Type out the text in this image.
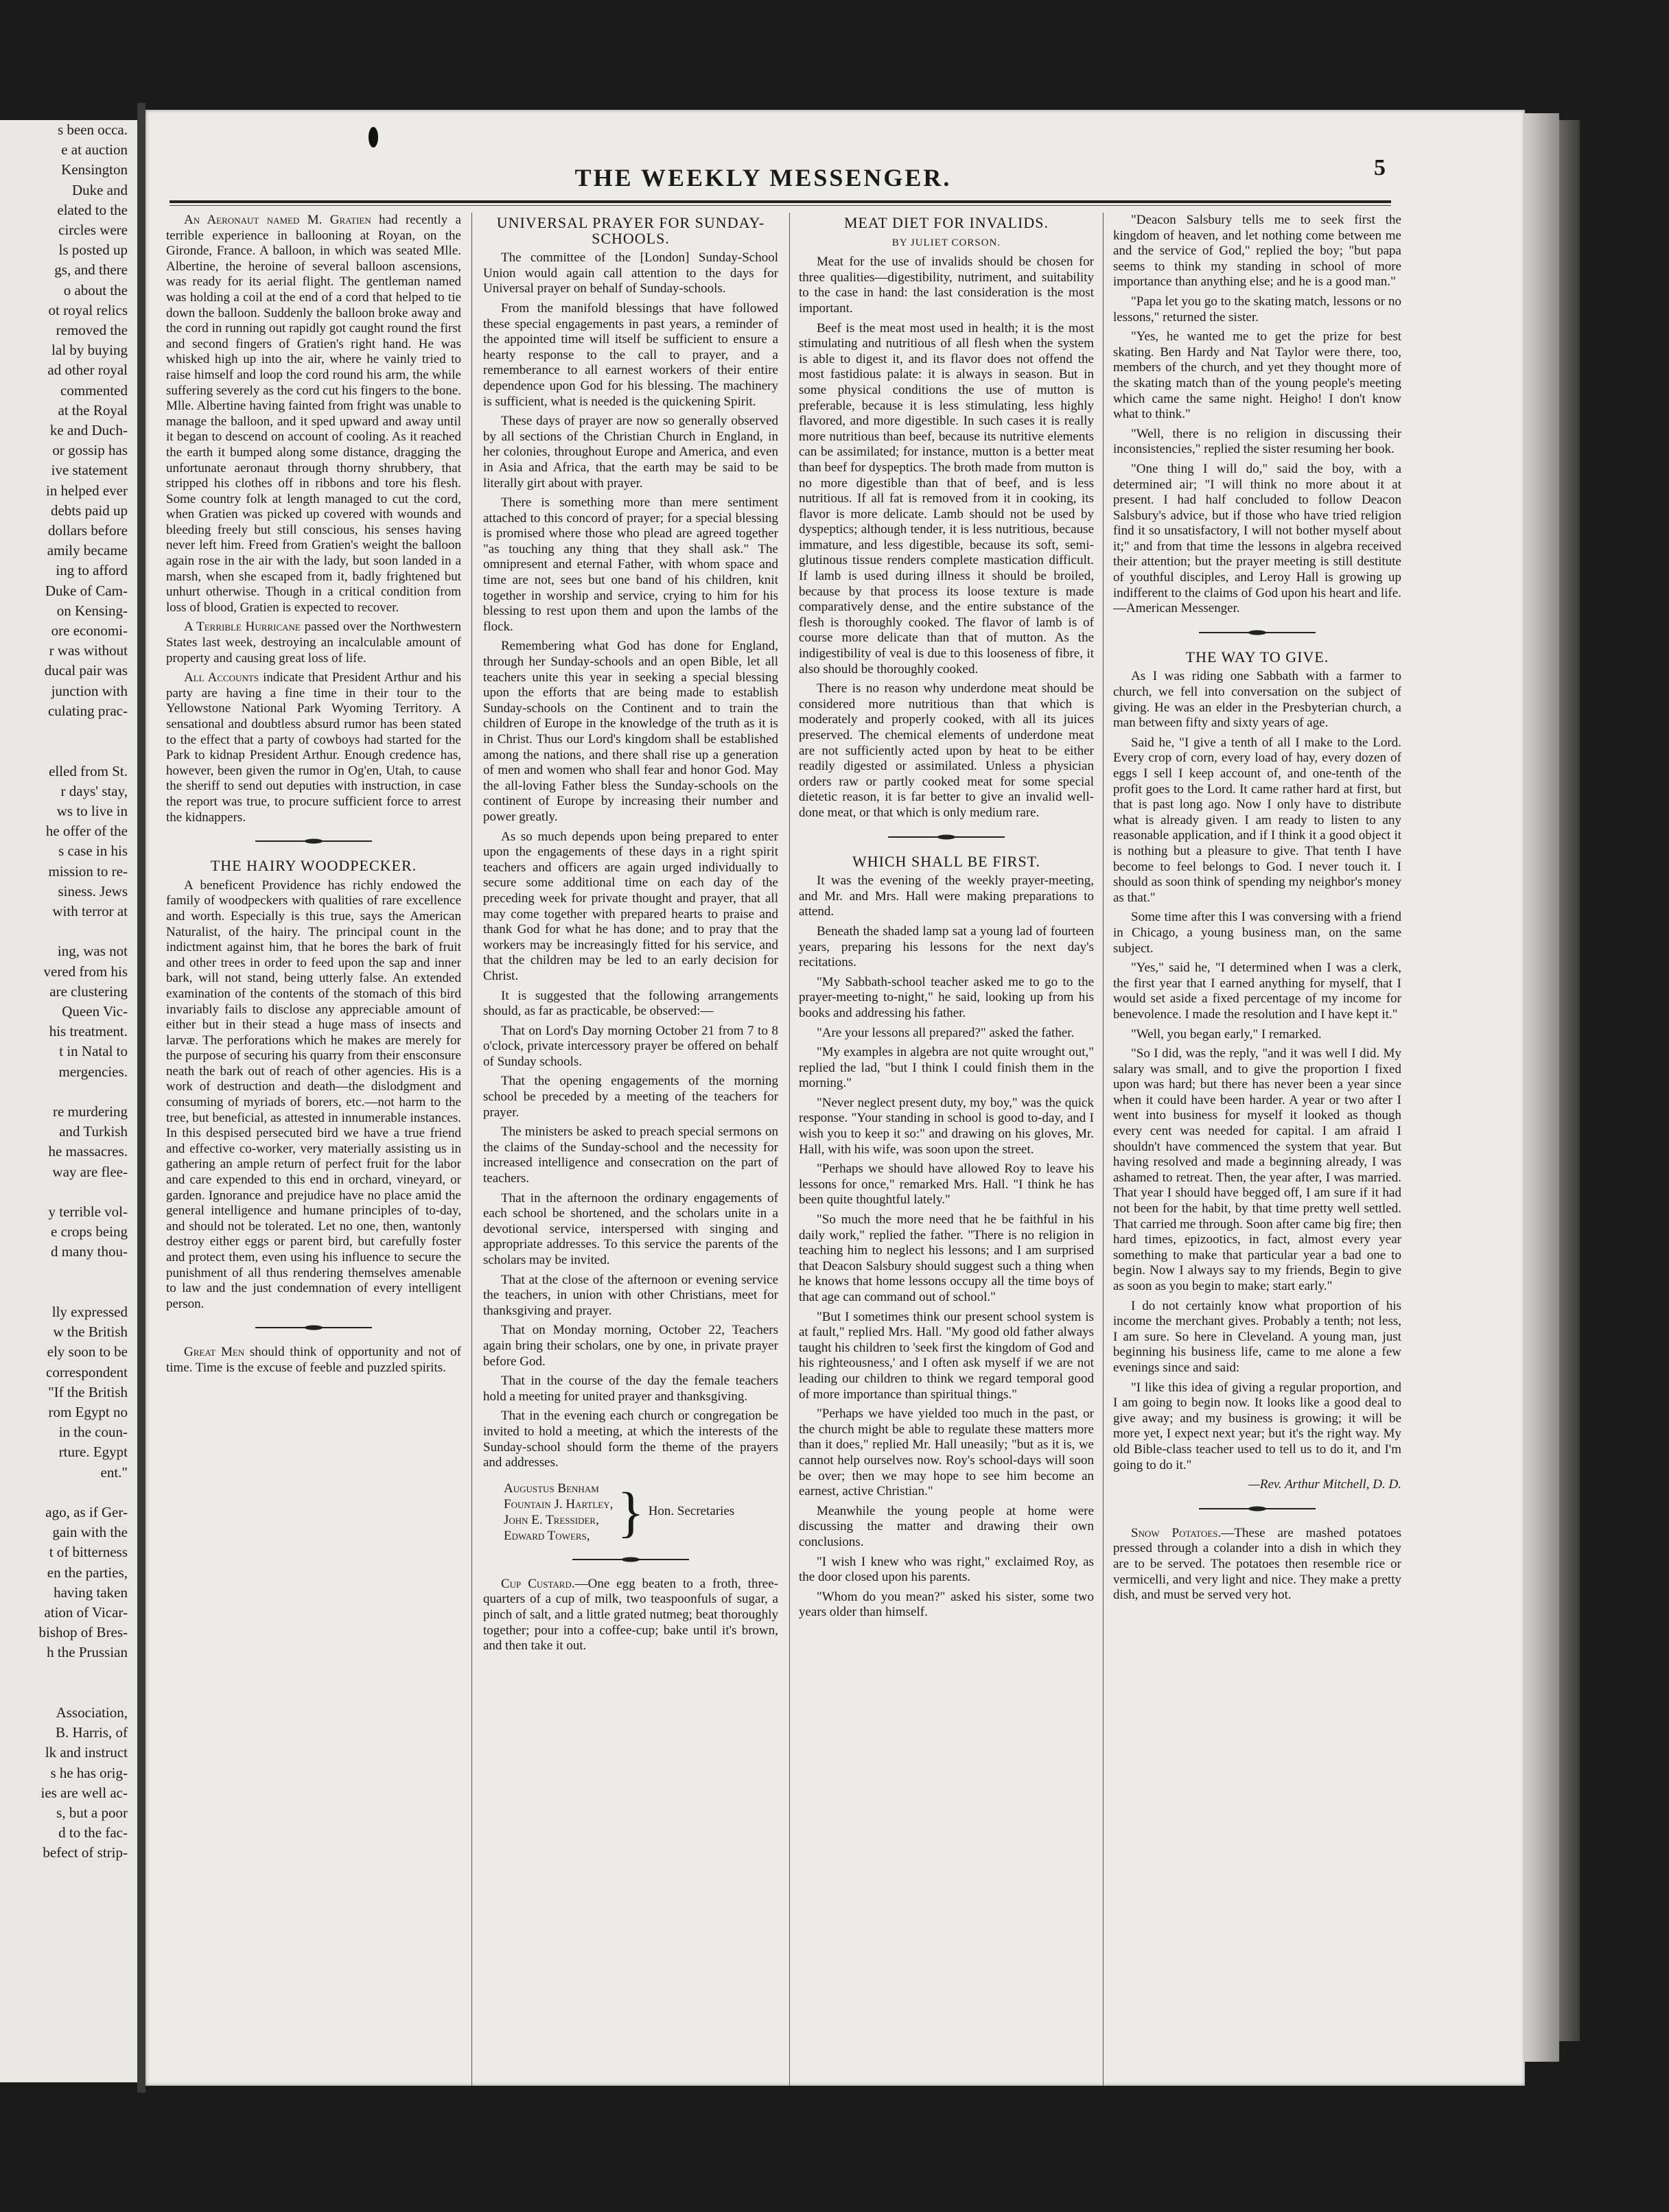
s been occa.

e at auction

Kensington

Duke and

elated to the

circles were

ls posted up

gs, and there

o about the

ot royal relics

removed the

lal by buying

ad other royal

commented

at the Royal

ke and Duch-

or gossip has

ive statement

in helped ever

debts paid up

dollars before

amily became

ing to afford

Duke of Cam-

on Kensing-

ore economi-

r was without

ducal pair was

junction with

culating prac-

elled from St.

r days' stay,

ws to live in

he offer of the

s case in his

mission to re-

siness. Jews

with terror at

ing, was not

vered from his

are clustering

Queen Vic-

his treatment.

t in Natal to

mergencies.

re murdering

and Turkish

he massacres.

way are flee-

y terrible vol-

e crops being

d many thou-

lly expressed

w the British

ely soon to be

correspondent

"If the British

rom Egypt no

in the coun-

rture. Egypt

ent."

ago, as if Ger-

gain with the

t of bitterness

en the parties,

having taken

ation of Vicar-

bishop of Bres-

h the Prussian

Association,

B. Harris, of

lk and instruct

s he has orig-

ies are well ac-

s, but a poor

d to the fac-

befect of strip-

THE WEEKLY MESSENGER.	5

An Aeronaut named M. Gratien had recently a terrible experience in ballooning at Royan, on the Gironde, France. A balloon, in which was seated Mlle. Albertine, the heroine of several balloon ascensions, was ready for its aerial flight. The gentleman named was holding a coil at the end of a cord that helped to tie down the balloon. Suddenly the balloon broke away and the cord in running out rapidly got caught round the first and second fingers of Gratien's right hand. He was whisked high up into the air, where he vainly tried to raise himself and loop the cord round his arm, the while suffering severely as the cord cut his fingers to the bone. Mlle. Albertine having fainted from fright was unable to manage the balloon, and it sped upward and away until it began to descend on account of cooling. As it reached the earth it bumped along some distance, dragging the unfortunate aeronaut through thorny shrubbery, that stripped his clothes off in ribbons and tore his flesh. Some country folk at length managed to cut the cord, when Gratien was picked up covered with wounds and bleeding freely but still conscious, his senses having never left him. Freed from Gratien's weight the balloon again rose in the air with the lady, but soon landed in a marsh, when she escaped from it, badly frightened but unhurt otherwise. Though in a critical condition from loss of blood, Gratien is expected to recover.

A Terrible Hurricane passed over the Northwestern States last week, destroying an incalculable amount of property and causing great loss of life.

All Accounts indicate that President Arthur and his party are having a fine time in their tour to the Yellowstone National Park Wyoming Territory. A sensational and doubtless absurd rumor has been stated to the effect that a party of cowboys had started for the Park to kidnap President Arthur. Enough credence has, however, been given the rumor in Og'en, Utah, to cause the sheriff to send out deputies with instruction, in case the report was true, to procure sufficient force to arrest the kidnappers.

THE HAIRY WOODPECKER.

A beneficent Providence has richly endowed the family of woodpeckers with qualities of rare excellence and worth. Especially is this true, says the American Naturalist, of the hairy. The principal count in the indictment against him, that he bores the bark of fruit and other trees in order to feed upon the sap and inner bark, will not stand, being utterly false. An extended examination of the contents of the stomach of this bird invariably fails to disclose any appreciable amount of either but in their stead a huge mass of insects and larvæ. The perforations which he makes are merely for the purpose of securing his quarry from their ensconsure neath the bark out of reach of other agencies. His is a work of destruction and death—the dislodgment and consuming of myriads of borers, etc.—not harm to the tree, but beneficial, as attested in innumerable instances. In this despised persecuted bird we have a true friend and effective co-worker, very materially assisting us in gathering an ample return of perfect fruit for the labor and care expended to this end in orchard, vineyard, or garden. Ignorance and prejudice have no place amid the general intelligence and humane principles of to-day, and should not be tolerated. Let no one, then, wantonly destroy either eggs or parent bird, but carefully foster and protect them, even using his influence to secure the punishment of all thus rendering themselves amenable to law and the just condemnation of every intelligent person.

Great Men should think of opportunity and not of time. Time is the excuse of feeble and puzzled spirits.

UNIVERSAL PRAYER FOR SUNDAY-SCHOOLS.

The committee of the [London] Sunday-School Union would again call attention to the days for Universal prayer on behalf of Sunday-schools.

From the manifold blessings that have followed these special engagements in past years, a reminder of the appointed time will itself be sufficient to ensure a hearty response to the call to prayer, and a rememberance to all earnest workers of their entire dependence upon God for his blessing. The machinery is sufficient, what is needed is the quickening Spirit.

These days of prayer are now so generally observed by all sections of the Christian Church in England, in her colonies, throughout Europe and America, and even in Asia and Africa, that the earth may be said to be literally girt about with prayer.

There is something more than mere sentiment attached to this concord of prayer; for a special blessing is promised where those who plead are agreed together "as touching any thing that they shall ask." The omnipresent and eternal Father, with whom space and time are not, sees but one band of his children, knit together in worship and service, crying to him for his blessing to rest upon them and upon the lambs of the flock.

Remembering what God has done for England, through her Sunday-schools and an open Bible, let all teachers unite this year in seeking a special blessing upon the efforts that are being made to establish Sunday-schools on the Continent and to train the children of Europe in the knowledge of the truth as it is in Christ. Thus our Lord's kingdom shall be established among the nations, and there shall rise up a generation of men and women who shall fear and honor God. May the all-loving Father bless the Sunday-schools on the continent of Europe by increasing their number and power greatly.

As so much depends upon being prepared to enter upon the engagements of these days in a right spirit teachers and officers are again urged individually to secure some additional time on each day of the preceding week for private thought and prayer, that all may come together with prepared hearts to praise and thank God for what he has done; and to pray that the workers may be increasingly fitted for his service, and that the children may be led to an early decision for Christ.

It is suggested that the following arrangements should, as far as practicable, be observed:—

That on Lord's Day morning October 21 from 7 to 8 o'clock, private intercessory prayer be offered on behalf of Sunday schools.

That the opening engagements of the morning school be preceded by a meeting of the teachers for prayer.

The ministers be asked to preach special sermons on the claims of the Sunday-school and the necessity for increased intelligence and consecration on the part of teachers.

That in the afternoon the ordinary engagements of each school be shortened, and the scholars unite in a devotional service, interspersed with singing and appropriate addresses. To this service the parents of the scholars may be invited.

That at the close of the afternoon or evening service the teachers, in union with other Christians, meet for thanksgiving and prayer.

That on Monday morning, October 22, Teachers again bring their scholars, one by one, in private prayer before God.

That in the course of the day the female teachers hold a meeting for united prayer and thanksgiving.

That in the evening each church or congregation be invited to hold a meeting, at which the interests of the Sunday-school should form the theme of the prayers and addresses.

Augustus Benham
Fountain J. Hartley,
John E. Tressider,
Edward Towers, } Hon. Secretaries

Cup Custard.—One egg beaten to a froth, three-quarters of a cup of milk, two teaspoonfuls of sugar, a pinch of salt, and a little grated nutmeg; beat thoroughly together; pour into a coffee-cup; bake until it's brown, and then take it out.

MEAT DIET FOR INVALIDS.
BY JULIET CORSON.

Meat for the use of invalids should be chosen for three qualities—digestibility, nutriment, and suitability to the case in hand: the last consideration is the most important.

Beef is the meat most used in health; it is the most stimulating and nutritious of all flesh when the system is able to digest it, and its flavor does not offend the most fastidious palate: it is always in season. But in some physical conditions the use of mutton is preferable, because it is less stimulating, less highly flavored, and more digestible. In such cases it is really more nutritious than beef, because its nutritive elements can be assimilated; for instance, mutton is a better meat than beef for dyspeptics. The broth made from mutton is no more digestible than that of beef, and is less nutritious. If all fat is removed from it in cooking, its flavor is more delicate. Lamb should not be used by dyspeptics; although tender, it is less nutritious, because immature, and less digestible, because its soft, semi-glutinous tissue renders complete mastication difficult. If lamb is used during illness it should be broiled, because by that process its loose texture is made comparatively dense, and the entire substance of the flesh is thoroughly cooked. The flavor of lamb is of course more delicate than that of mutton. As the indigestibility of veal is due to this looseness of fibre, it also should be thoroughly cooked.

There is no reason why underdone meat should be considered more nutritious than that which is moderately and properly cooked, with all its juices preserved. The chemical elements of underdone meat are not sufficiently acted upon by heat to be either readily digested or assimilated. Unless a physician orders raw or partly cooked meat for some special dietetic reason, it is far better to give an invalid well-done meat, or that which is only medium rare.

WHICH SHALL BE FIRST.

It was the evening of the weekly prayer-meeting, and Mr. and Mrs. Hall were making preparations to attend.

Beneath the shaded lamp sat a young lad of fourteen years, preparing his lessons for the next day's recitations.

"My Sabbath-school teacher asked me to go to the prayer-meeting to-night," he said, looking up from his books and addressing his father.

"Are your lessons all prepared?" asked the father.

"My examples in algebra are not quite wrought out," replied the lad, "but I think I could finish them in the morning."

"Never neglect present duty, my boy," was the quick response. "Your standing in school is good to-day, and I wish you to keep it so:" and drawing on his gloves, Mr. Hall, with his wife, was soon upon the street.

"Perhaps we should have allowed Roy to leave his lessons for once," remarked Mrs. Hall. "I think he has been quite thoughtful lately."

"So much the more need that he be faithful in his daily work," replied the father. "There is no religion in teaching him to neglect his lessons; and I am surprised that Deacon Salsbury should suggest such a thing when he knows that home lessons occupy all the time boys of that age can command out of school."

"But I sometimes think our present school system is at fault," replied Mrs. Hall. "My good old father always taught his children to 'seek first the kingdom of God and his righteousness,' and I often ask myself if we are not leading our children to think we regard temporal good of more importance than spiritual things."

"Perhaps we have yielded too much in the past, or the church might be able to regulate these matters more than it does," replied Mr. Hall uneasily; "but as it is, we cannot help ourselves now. Roy's school-days will soon be over; then we may hope to see him become an earnest, active Christian."

Meanwhile the young people at home were discussing the matter and drawing their own conclusions.

"I wish I knew who was right," exclaimed Roy, as the door closed upon his parents.

"Whom do you mean?" asked his sister, some two years older than himself.

"Deacon Salsbury tells me to seek first the kingdom of heaven, and let nothing come between me and the service of God," replied the boy; "but papa seems to think my standing in school of more importance than anything else; and he is a good man."

"Papa let you go to the skating match, lessons or no lessons," returned the sister.

"Yes, he wanted me to get the prize for best skating. Ben Hardy and Nat Taylor were there, too, members of the church, and yet they thought more of the skating match than of the young people's meeting which came the same night. Heigho! I don't know what to think."

"Well, there is no religion in discussing their inconsistencies," replied the sister resuming her book.

"One thing I will do," said the boy, with a determined air; "I will think no more about it at present. I had half concluded to follow Deacon Salsbury's advice, but if those who have tried religion find it so unsatisfactory, I will not bother myself about it;" and from that time the lessons in algebra received their attention; but the prayer meeting is still destitute of youthful disciples, and Leroy Hall is growing up indifferent to the claims of God upon his heart and life.—American Messenger.

THE WAY TO GIVE.

As I was riding one Sabbath with a farmer to church, we fell into conversation on the subject of giving. He was an elder in the Presbyterian church, a man between fifty and sixty years of age.

Said he, "I give a tenth of all I make to the Lord. Every crop of corn, every load of hay, every dozen of eggs I sell I keep account of, and one-tenth of the profit goes to the Lord. It came rather hard at first, but that is past long ago. Now I only have to distribute what is already given. I am ready to listen to any reasonable application, and if I think it a good object it is nothing but a pleasure to give. That tenth I have become to feel belongs to God. I never touch it. I should as soon think of spending my neighbor's money as that."

Some time after this I was conversing with a friend in Chicago, a young business man, on the same subject.

"Yes," said he, "I determined when I was a clerk, the first year that I earned anything for myself, that I would set aside a fixed percentage of my income for benevolence. I made the resolution and I have kept it."

"Well, you began early," I remarked.

"So I did, was the reply, "and it was well I did. My salary was small, and to give the proportion I fixed upon was hard; but there has never been a year since when it could have been harder. A year or two after I went into business for myself it looked as though every cent was needed for capital. I am afraid I shouldn't have commenced the system that year. But having resolved and made a beginning already, I was ashamed to retreat. Then, the year after, I was married. That year I should have begged off, I am sure if it had not been for the habit, by that time pretty well settled. That carried me through. Soon after came big fire; then hard times, epizootics, in fact, almost every year something to make that particular year a bad one to begin. Now I always say to my friends, Begin to give as soon as you begin to make; start early."

I do not certainly know what proportion of his income the merchant gives. Probably a tenth; not less, I am sure. So here in Cleveland. A young man, just beginning his business life, came to me alone a few evenings since and said:

"I like this idea of giving a regular proportion, and I am going to begin now. It looks like a good deal to give away; and my business is growing; it will be more yet, I expect next year; but it's the right way. My old Bible-class teacher used to tell us to do it, and I'm going to do it."

—Rev. Arthur Mitchell, D. D.

Snow Potatoes.—These are mashed potatoes pressed through a colander into a dish in which they are to be served. The potatoes then resemble rice or vermicelli, and very light and nice. They make a pretty dish, and must be served very hot.
